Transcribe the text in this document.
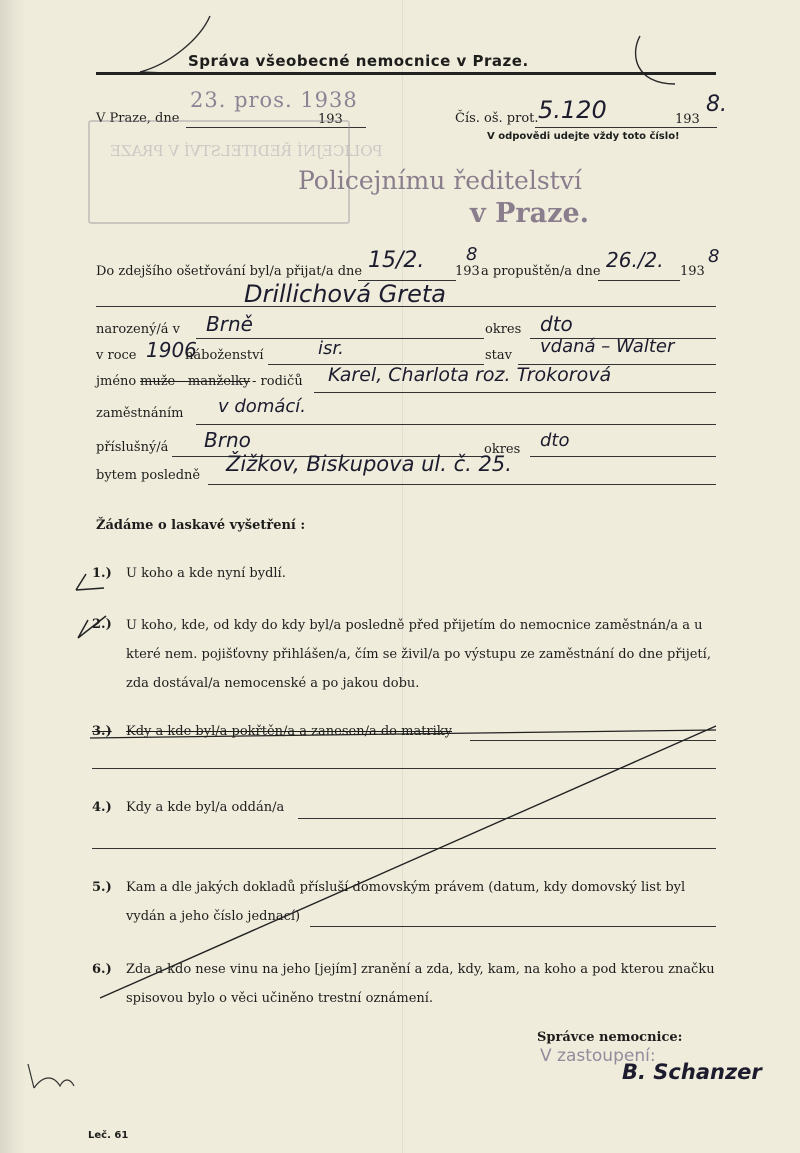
Správa všeobecné nemocnice v Praze.
V Praze, dne
23. pros. 1938
193	Čís. oš. prot. 5.120	193
8.
V odpovědi udejte vždy toto číslo!
POLICEJNÍ ŘEDITELSTVÍ V PRAZE
Policejnímu ředitelství
v Praze.
Do zdejšího ošetřování byl/a přijat/a dne 15/2. 193
8
a propuštěn/a dne 26./2. 193
8
Drillichová Greta
narozený/á v Brně	okres dto
v roce 1906
náboženství	isr.	stav vdaná – Walter
jméno muže - manželky - rodičů Karel, Charlota roz. Trokorová
zaměstnáním v domácí.
příslušný/á Brno	okres dto
bytem posledně Žižkov, Biskupova ul. č. 25.
Žádáme o laskavé vyšetření :
1.) U koho a kde nyní bydlí.
2.) U koho, kde, od kdy do kdy byl/a posledně před přijetím do nemocnice zaměstnán/a a u které nem. pojišťovny přihlášen/a, čím se živil/a po výstupu ze zaměstnání do dne přijetí, zda dostával/a nemocenské a po jakou dobu.
3.) Kdy a kde byl/a pokřtěn/a a zanesen/a do matriky
4.) Kdy a kde byl/a oddán/a
5.) Kam a dle jakých dokladů přísluší domovským právem (datum, kdy domovský list byl vydán a jeho číslo jednací)
6.) Zda a kdo nese vinu na jeho [jejím] zranění a zda, kdy, kam, na koho a pod kterou značku spisovou bylo o věci učiněno trestní oznámení.
Správce nemocnice:
V zastoupení:
B. Schanzer
Leč. 61
